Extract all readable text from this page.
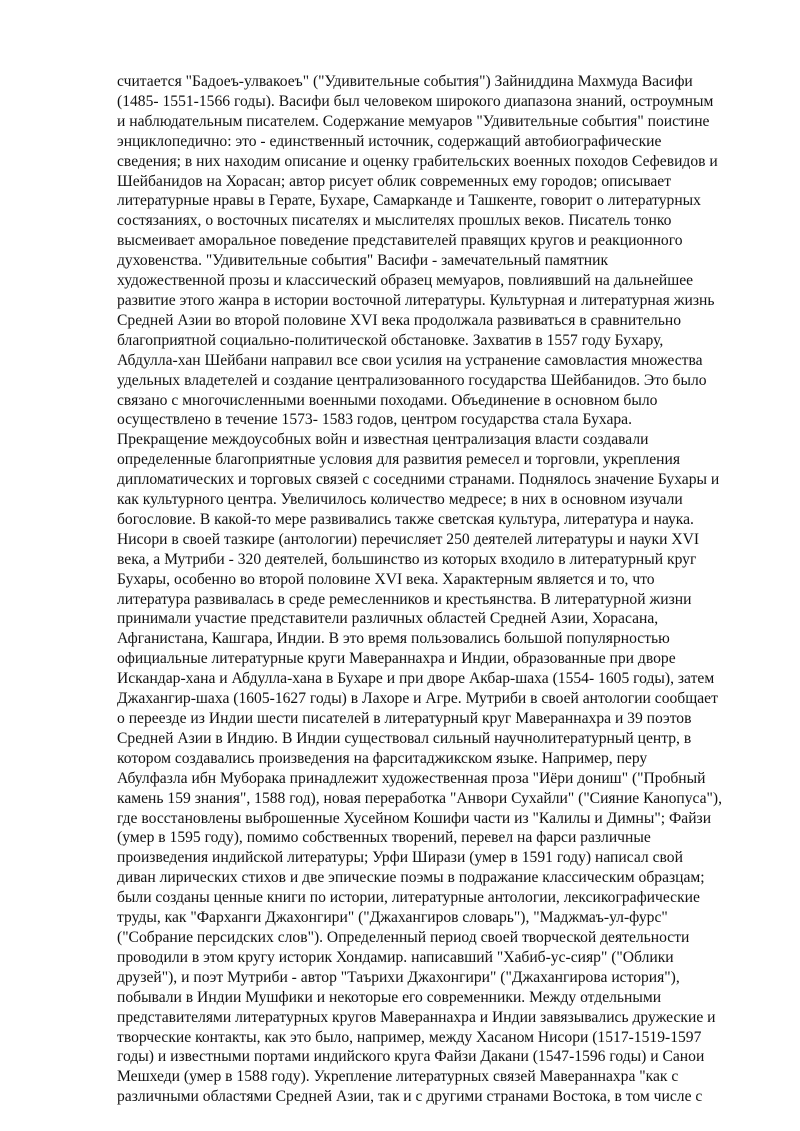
считается "Бадоеъ-улвакоеъ" ("Удивительные события") Зайниддина Махмуда Васифи
(1485- 1551-1566 годы). Васифи был человеком широкого диапазона знаний, остроумным
и наблюдательным писателем. Содержание мемуаров "Удивительные события" поистине
энциклопедично: это - единственный источник, содержащий автобиографические
сведения; в них находим описание и оценку грабительских военных походов Сефевидов и
Шейбанидов на Хорасан; автор рисует облик современных ему городов; описывает
литературные нравы в Герате, Бухаре, Самарканде и Ташкенте, говорит о литературных
состязаниях, о восточных писателях и мыслителях прошлых веков. Писатель тонко
высмеивает аморальное поведение представителей правящих кругов и реакционного
духовенства. "Удивительные события" Васифи - замечательный памятник
художественной прозы и классический образец мемуаров, повлиявший на дальнейшее
развитие этого жанра в истории восточной литературы. Культурная и литературная жизнь
Средней Азии во второй половине XVI века продолжала развиваться в сравнительно
благоприятной социально-политической обстановке. Захватив в 1557 году Бухару,
Абдулла-хан Шейбани направил все свои усилия на устранение самовластия множества
удельных владетелей и создание централизованного государства Шейбанидов. Это было
связано с многочисленными военными походами. Объединение в основном было
осуществлено в течение 1573- 1583 годов, центром государства стала Бухара.
Прекращение междоусобных войн и известная централизация власти создавали
определенные благоприятные условия для развития ремесел и торговли, укрепления
дипломатических и торговых связей с соседними странами. Поднялось значение Бухары и
как культурного центра. Увеличилось количество медресе; в них в основном изучали
богословие. В какой-то мере развивались также светская культура, литература и наука.
Нисори в своей тазкире (антологии) перечисляет 250 деятелей литературы и науки XVI
века, а Мутриби - 320 деятелей, большинство из которых входило в литературный круг
Бухары, особенно во второй половине XVI века. Характерным является и то, что
литература развивалась в среде ремесленников и крестьянства. В литературной жизни
принимали участие представители различных областей Средней Азии, Хорасана,
Афганистана, Кашгара, Индии. В это время пользовались большой популярностью
официальные литературные круги Мавераннахра и Индии, образованные при дворе
Искандар-хана и Абдулла-хана в Бухаре и при дворе Акбар-шаха (1554- 1605 годы), затем
Джахангир-шаха (1605-1627 годы) в Лахоре и Агре. Мутриби в своей антологии сообщает
о переезде из Индии шести писателей в литературный круг Мавераннахра и 39 поэтов
Средней Азии в Индию. В Индии существовал сильный научнолитературный центр, в
котором создавались произведения на фарситаджикском языке. Например, перу
Абулфазла ибн Муборака принадлежит художественная проза "Иёри дониш" ("Пробный
камень 159 знания", 1588 год), новая переработка "Анвори Сухайли" ("Сияние Канопуса"),
где восстановлены выброшенные Хусейном Кошифи части из "Калилы и Димны"; Файзи
(умер в 1595 году), помимо собственных творений, перевел на фарси различные
произведения индийской литературы; Урфи Ширази (умер в 1591 году) написал свой
диван лирических стихов и две эпические поэмы в подражание классическим образцам;
были созданы ценные книги по истории, литературные антологии, лексикографические
труды, как "Фарханги Джахонгири" ("Джахангиров словарь"), "Маджмаъ-ул-фурс"
("Собрание персидских слов"). Определенный период своей творческой деятельности
проводили в этом кругу историк Хондамир. написавший "Хабиб-ус-сияр" ("Облики
друзей"), и поэт Мутриби - автор "Таърихи Джахонгири" ("Джахангирова история"),
побывали в Индии Мушфики и некоторые его современники. Между отдельными
представителями литературных кругов Мавераннахра и Индии завязывались дружеские и
творческие контакты, как это было, например, между Хасаном Нисори (1517-1519-1597
годы) и известными портами индийского круга Файзи Дакани (1547-1596 годы) и Санои
Мешхеди (умер в 1588 году). Укрепление литературных связей Мавераннахра "как с
различными областями Средней Азии, так и с другими странами Востока, в том числе с
